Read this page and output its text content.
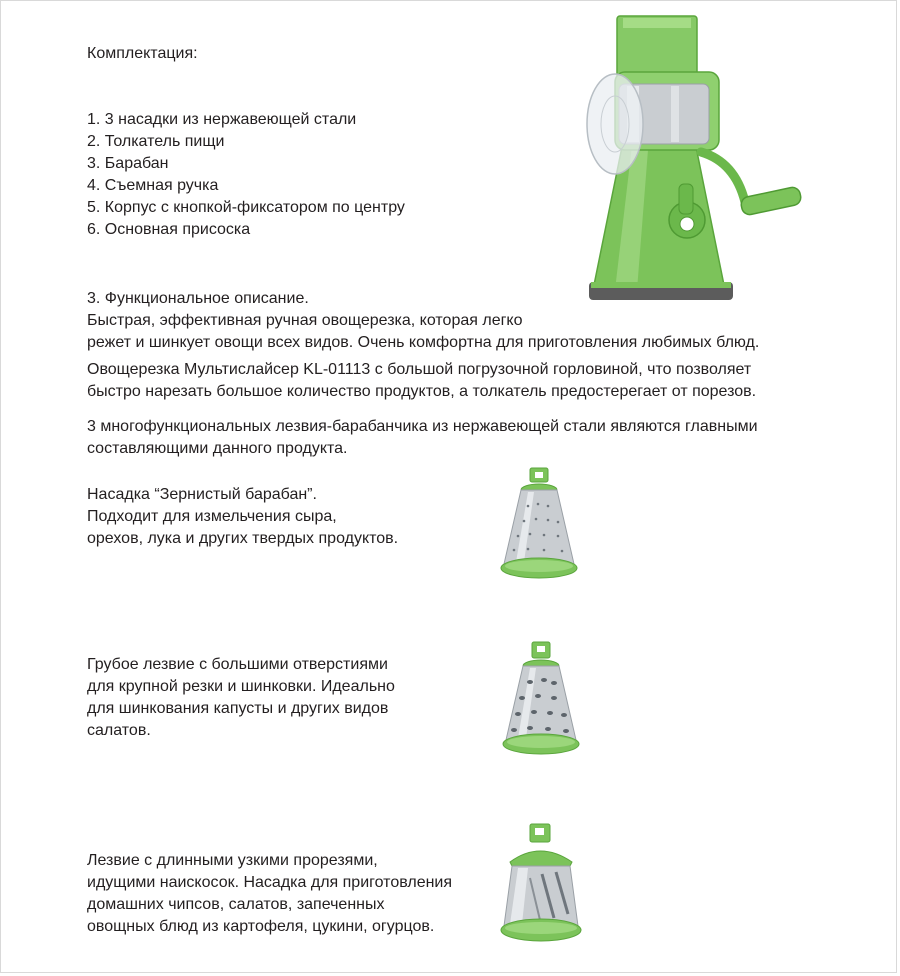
Комплектация:
1. 3 насадки из нержавеющей стали
2. Толкатель пищи
3. Барабан
4. Съемная ручка
5. Корпус с кнопкой-фиксатором по центру
6. Основная присоска
3. Функциональное описание.
Быстрая, эффективная ручная овощерезка, которая легко
режет и шинкует овощи всех видов. Очень комфортна для приготовления любимых блюд.
Овощерезка Мультислайсер KL-01113 с большой погрузочной горловиной, что позволяет
быстро нарезать большое количество продуктов, а толкатель предостерегает от порезов.
3 многофункциональных лезвия-барабанчика из нержавеющей стали являются главными
составляющими данного продукта.
Насадка “Зернистый барабан”.
Подходит для измельчения сыра,
орехов, лука и других твердых продуктов.
Грубое лезвие с большими отверстиями
для крупной резки и шинковки. Идеально
для шинкования капусты и других видов
салатов.
Лезвие с длинными узкими прорезями,
идущими наискосок. Насадка для приготовления
домашних чипсов, салатов, запеченных
овощных блюд из картофеля, цукини, огурцов.
